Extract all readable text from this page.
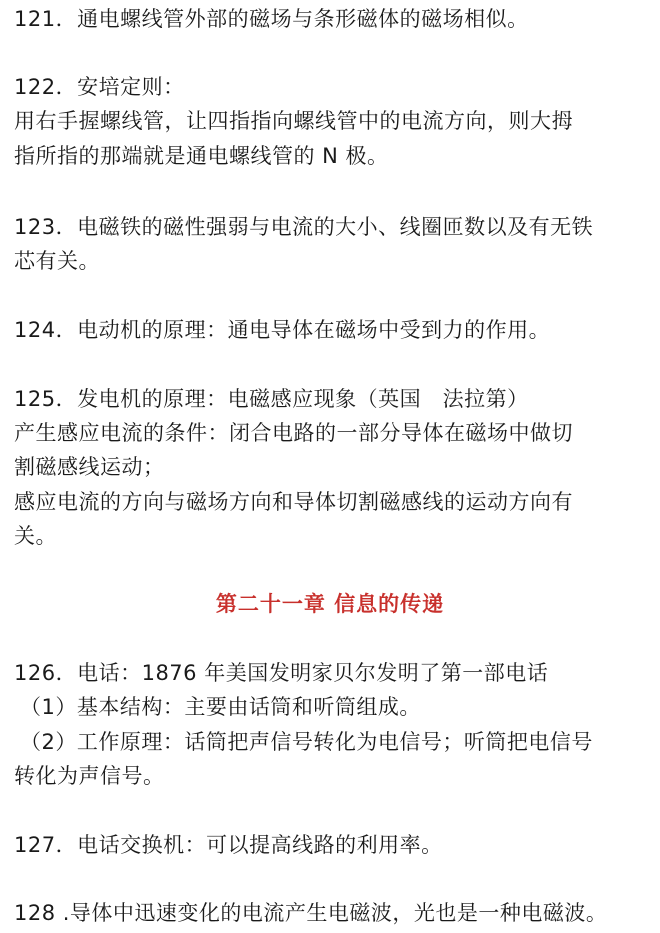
121．通电螺线管外部的磁场与条形磁体的磁场相似。
122．安培定则：
用右手握螺线管，让四指指向螺线管中的电流方向，则大拇
指所指的那端就是通电螺线管的 N 极。
123．电磁铁的磁性强弱与电流的大小、线圈匝数以及有无铁
芯有关。
124．电动机的原理：通电导体在磁场中受到力的作用。
125．发电机的原理：电磁感应现象（英国　法拉第）
产生感应电流的条件：闭合电路的一部分导体在磁场中做切
割磁感线运动；
感应电流的方向与磁场方向和导体切割磁感线的运动方向有
关。
第二十一章 信息的传递
126．电话：1876 年美国发明家贝尔发明了第一部电话
（1）基本结构：主要由话筒和听筒组成。
（2）工作原理：话筒把声信号转化为电信号；听筒把电信号
转化为声信号。
127．电话交换机：可以提高线路的利用率。
128 .导体中迅速变化的电流产生电磁波，光也是一种电磁波。
